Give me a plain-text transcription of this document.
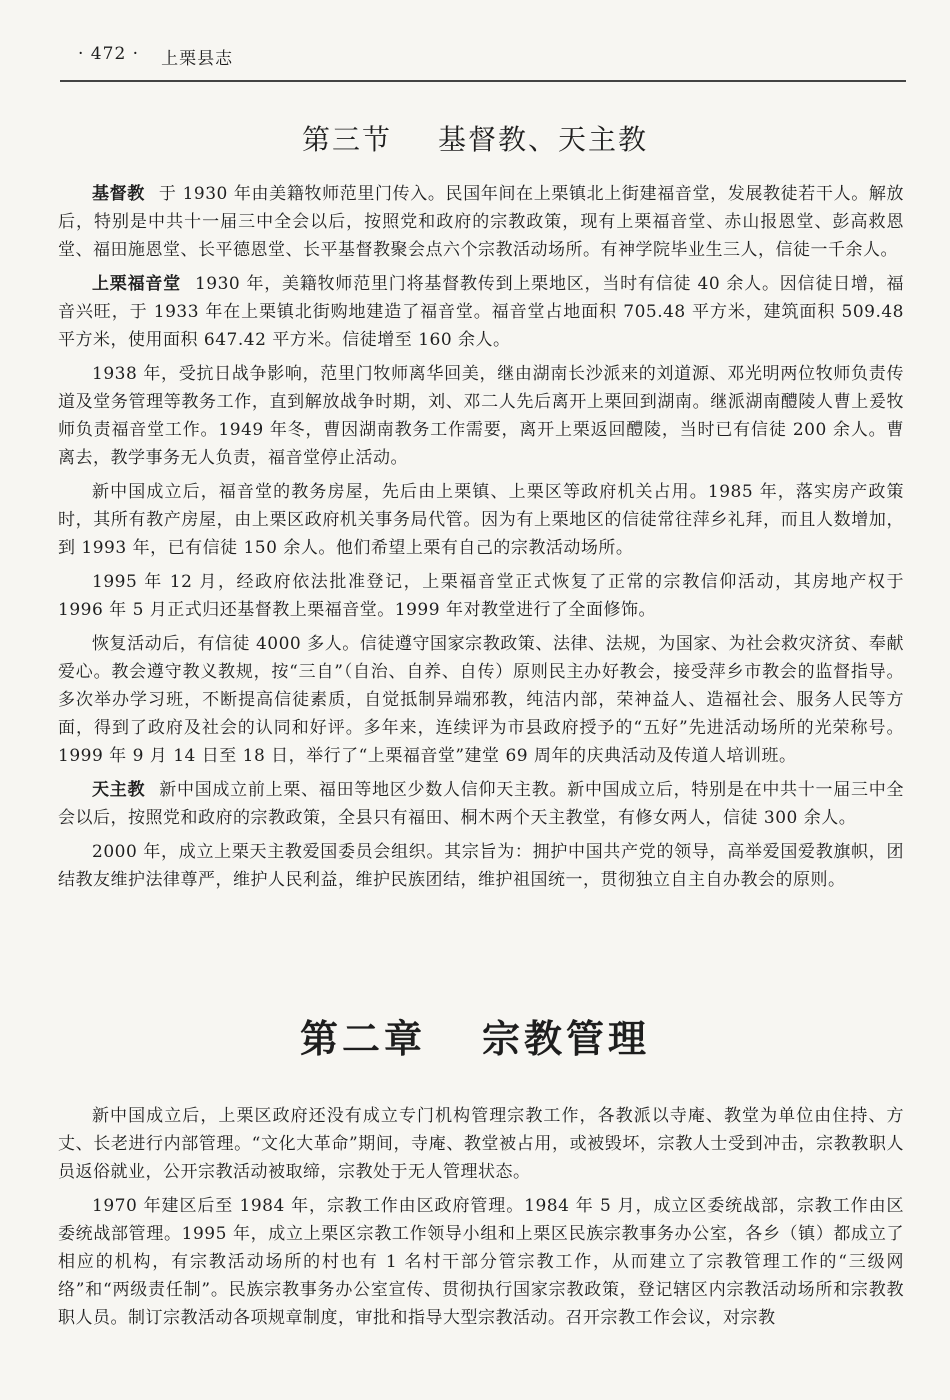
· 472 · 上栗县志
第三节 基督教、天主教

基督教 于 1930 年由美籍牧师范里门传入。民国年间在上栗镇北上街建福音堂，发展教徒若干人。解放后，特别是中共十一届三中全会以后，按照党和政府的宗教政策，现有上栗福音堂、赤山报恩堂、彭高救恩堂、福田施恩堂、长平德恩堂、长平基督教聚会点六个宗教活动场所。有神学院毕业生三人，信徒一千余人。

上栗福音堂 1930 年，美籍牧师范里门将基督教传到上栗地区，当时有信徒 40 余人。因信徒日增，福音兴旺，于 1933 年在上栗镇北街购地建造了福音堂。福音堂占地面积 705.48 平方米，建筑面积 509.48 平方米，使用面积 647.42 平方米。信徒增至 160 余人。

1938 年，受抗日战争影响，范里门牧师离华回美，继由湖南长沙派来的刘道源、邓光明两位牧师负责传道及堂务管理等教务工作，直到解放战争时期，刘、邓二人先后离开上栗回到湖南。继派湖南醴陵人曹上爰牧师负责福音堂工作。1949 年冬，曹因湖南教务工作需要，离开上栗返回醴陵，当时已有信徒 200 余人。曹离去，教学事务无人负责，福音堂停止活动。

新中国成立后，福音堂的教务房屋，先后由上栗镇、上栗区等政府机关占用。1985 年，落实房产政策时，其所有教产房屋，由上栗区政府机关事务局代管。因为有上栗地区的信徒常往萍乡礼拜，而且人数增加，到 1993 年，已有信徒 150 余人。他们希望上栗有自己的宗教活动场所。

1995 年 12 月，经政府依法批准登记，上栗福音堂正式恢复了正常的宗教信仰活动，其房地产权于 1996 年 5 月正式归还基督教上栗福音堂。1999 年对教堂进行了全面修饰。

恢复活动后，有信徒 4000 多人。信徒遵守国家宗教政策、法律、法规，为国家、为社会救灾济贫、奉献爱心。教会遵守教义教规，按“三自”（自治、自养、自传）原则民主办好教会，接受萍乡市教会的监督指导。多次举办学习班，不断提高信徒素质，自觉抵制异端邪教，纯洁内部，荣神益人、造福社会、服务人民等方面，得到了政府及社会的认同和好评。多年来，连续评为市县政府授予的“五好”先进活动场所的光荣称号。1999 年 9 月 14 日至 18 日，举行了“上栗福音堂”建堂 69 周年的庆典活动及传道人培训班。

天主教 新中国成立前上栗、福田等地区少数人信仰天主教。新中国成立后，特别是在中共十一届三中全会以后，按照党和政府的宗教政策，全县只有福田、桐木两个天主教堂，有修女两人，信徒 300 余人。

2000 年，成立上栗天主教爱国委员会组织。其宗旨为：拥护中国共产党的领导，高举爱国爱教旗帜，团结教友维护法律尊严，维护人民利益，维护民族团结，维护祖国统一，贯彻独立自主自办教会的原则。

第二章 宗教管理

新中国成立后，上栗区政府还没有成立专门机构管理宗教工作，各教派以寺庵、教堂为单位由住持、方丈、长老进行内部管理。“文化大革命”期间，寺庵、教堂被占用，或被毁坏，宗教人士受到冲击，宗教教职人员返俗就业，公开宗教活动被取缔，宗教处于无人管理状态。

1970 年建区后至 1984 年，宗教工作由区政府管理。1984 年 5 月，成立区委统战部，宗教工作由区委统战部管理。1995 年，成立上栗区宗教工作领导小组和上栗区民族宗教事务办公室，各乡（镇）都成立了相应的机构，有宗教活动场所的村也有 1 名村干部分管宗教工作，从而建立了宗教管理工作的“三级网络”和“两级责任制”。民族宗教事务办公室宣传、贯彻执行国家宗教政策，登记辖区内宗教活动场所和宗教教职人员。制订宗教活动各项规章制度，审批和指导大型宗教活动。召开宗教工作会议，对宗教
